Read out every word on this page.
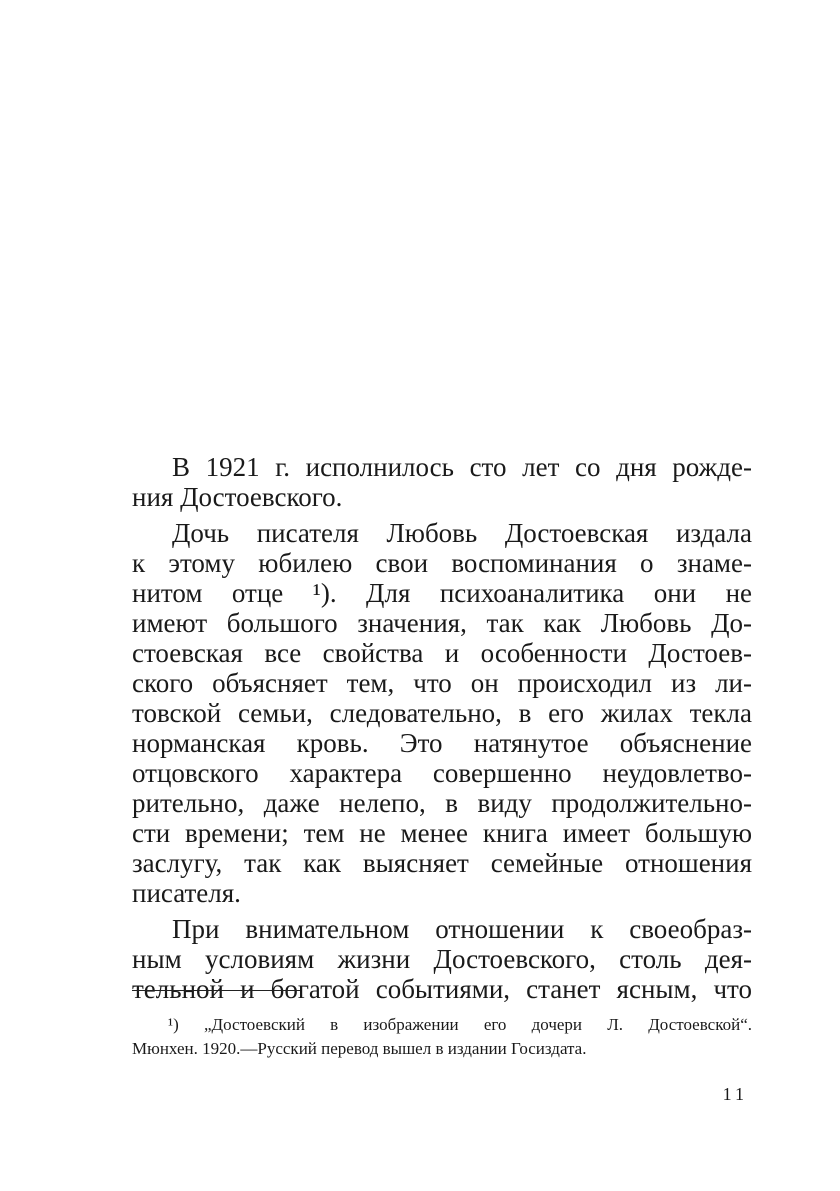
В 1921 г. исполнилось сто лет со дня рожде-
ния Достоевского.
Дочь писателя Любовь Достоевская издала
к этому юбилею свои воспоминания о знаме-
нитом отце ¹). Для психоаналитика они не
имеют большого значения, так как Любовь До-
стоевская все свойства и особенности Достоев-
ского объясняет тем, что он происходил из ли-
товской семьи, следовательно, в его жилах текла
норманская кровь. Это натянутое объяснение
отцовского характера совершенно неудовлетво-
рительно, даже нелепо, в виду продолжительно-
сти времени; тем не менее книга имеет большую
заслугу, так как выясняет семейные отношения
писателя.
При внимательном отношении к своеобраз-
ным условиям жизни Достоевского, столь дея-
тельной и богатой событиями, станет ясным, что
¹) „Достоевский в изображении его дочери Л. Достоевской“.
Мюнхен. 1920.—Русский перевод вышел в издании Госиздата.
11
